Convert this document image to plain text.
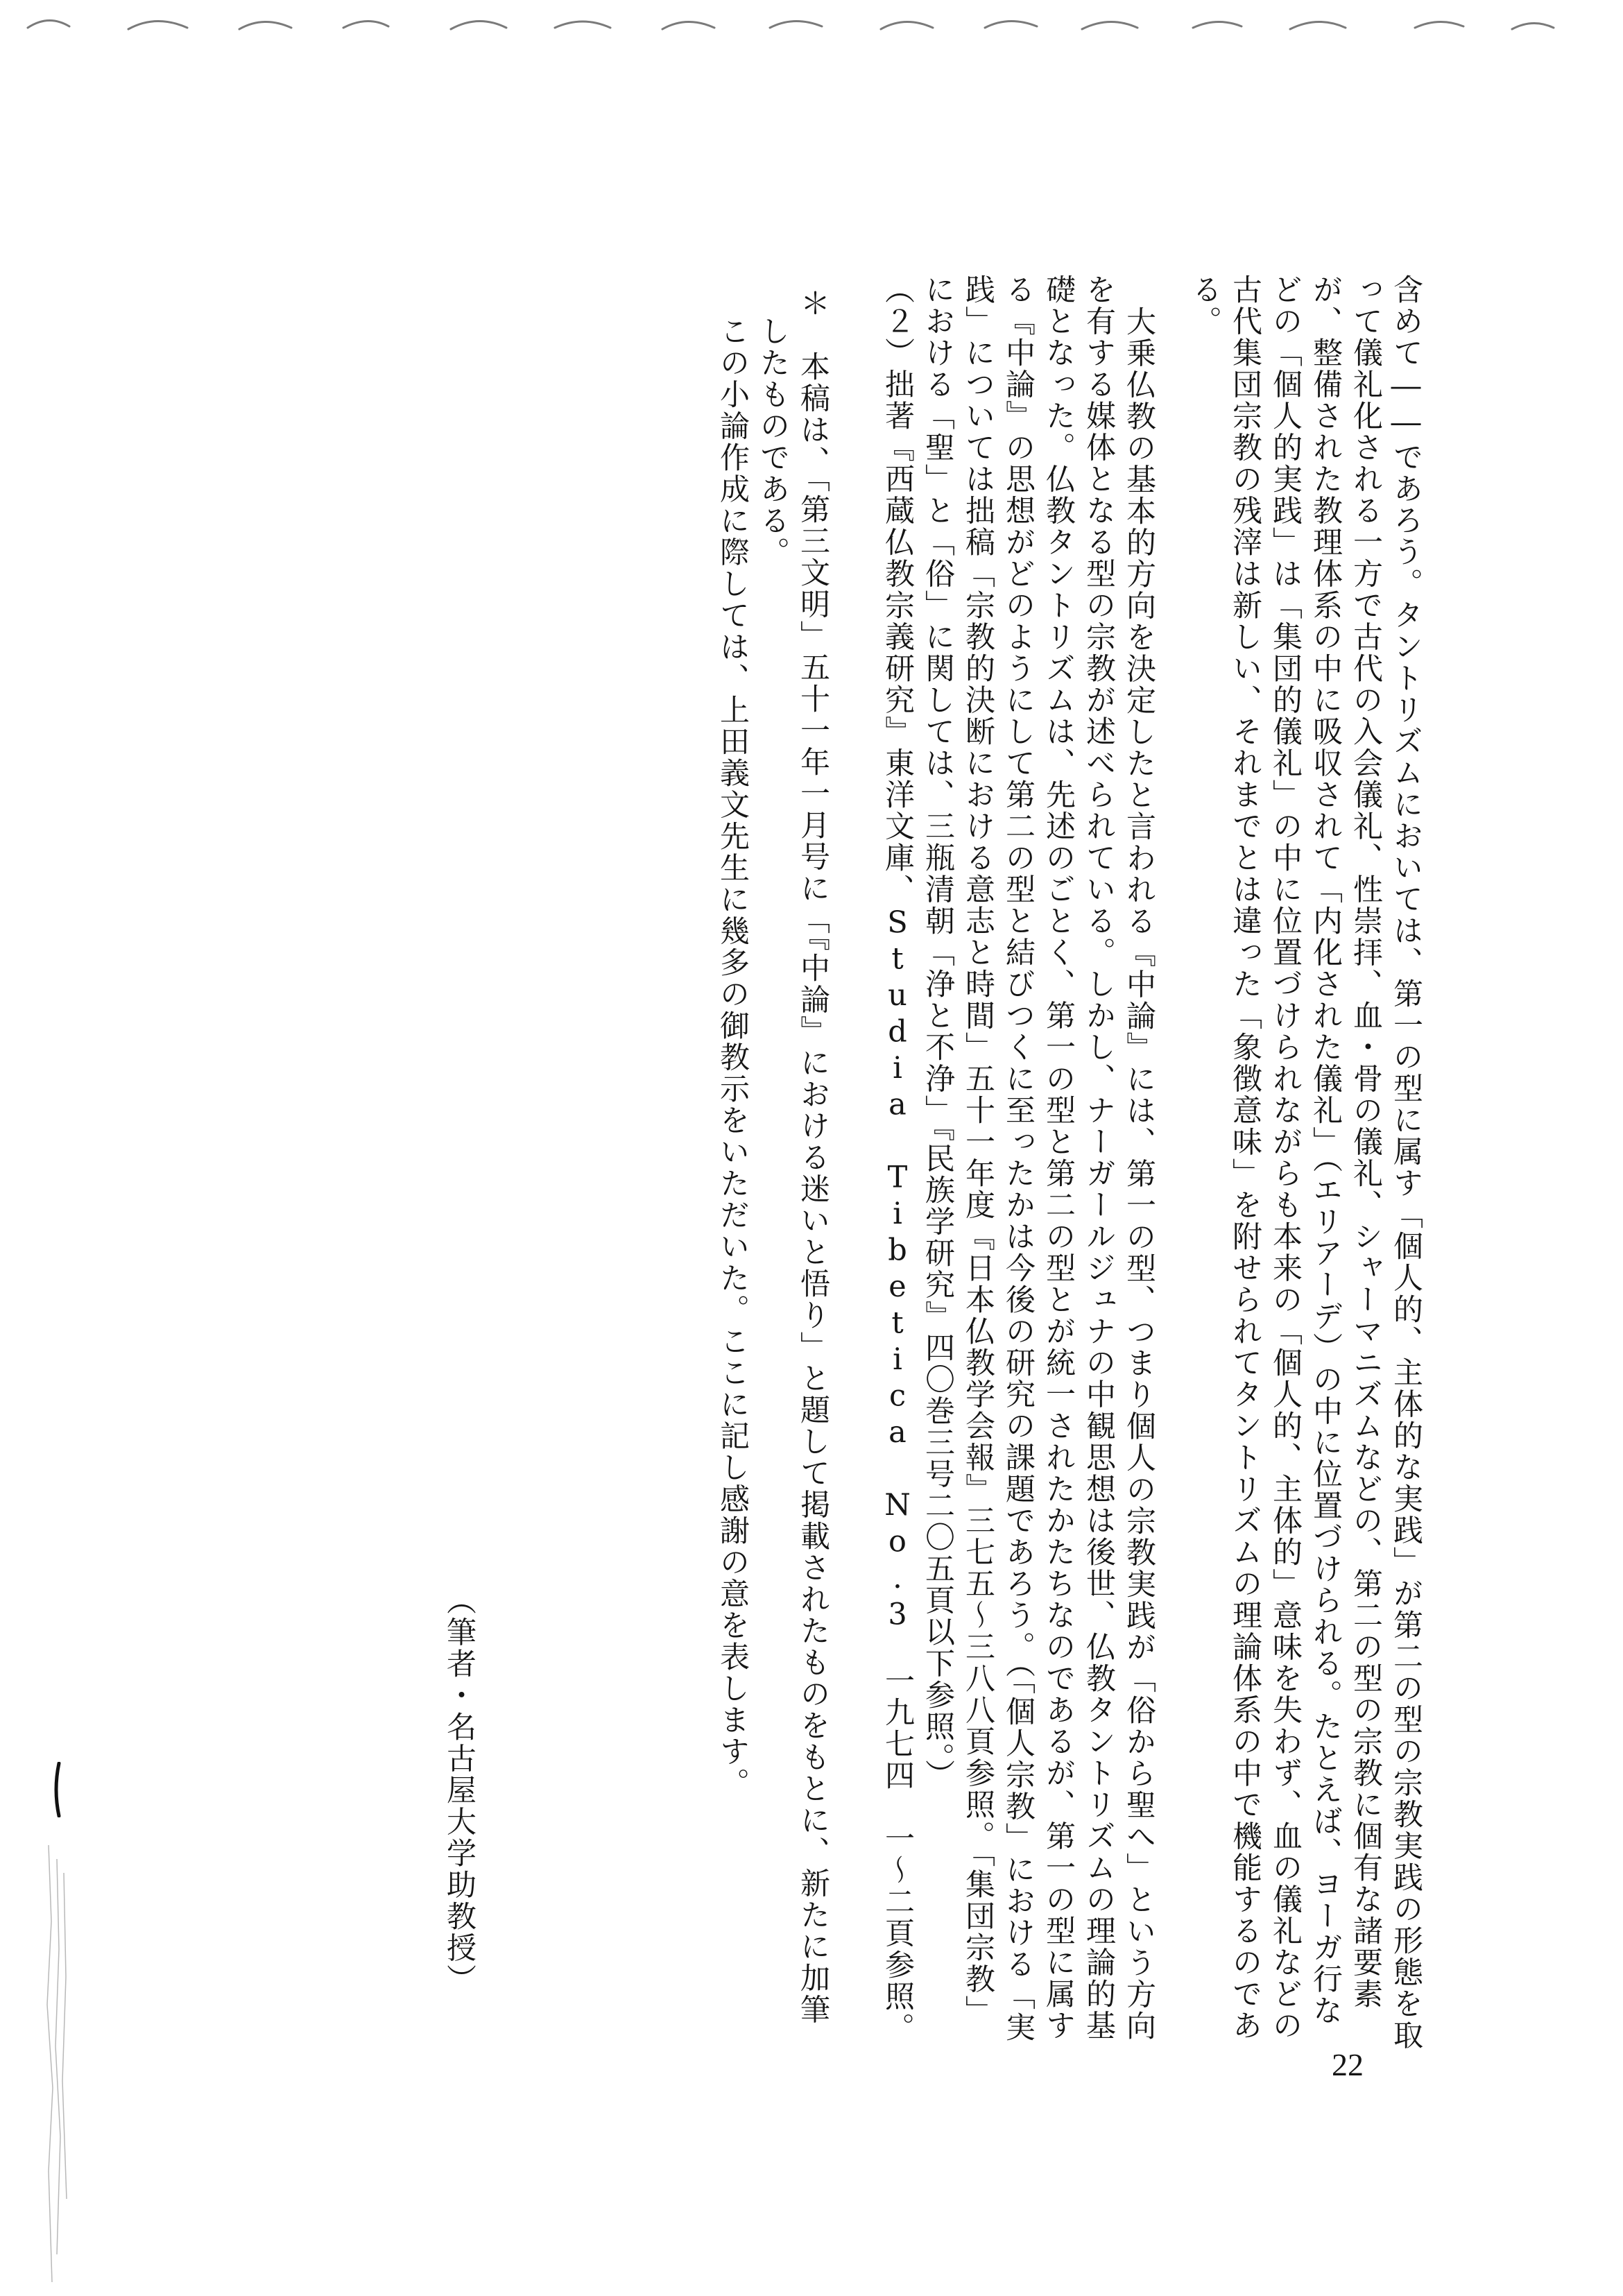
含めて――であろう。タントリズムにおいては、第一の型に属す「個人的、主体的な実践」が第二の型の宗教実践の形態を取
って儀礼化される一方で古代の入会儀礼、性崇拝、血・骨の儀礼、シャーマニズムなどの、第二の型の宗教に個有な諸要素
が、整備された教理体系の中に吸収されて「内化された儀礼」（エリアーデ）の中に位置づけられる。たとえば、ヨーガ行な
どの「個人的実践」は「集団的儀礼」の中に位置づけられながらも本来の「個人的、主体的」意味を失わず、血の儀礼などの
古代集団宗教の残滓は新しい、それまでとは違った「象徴意味」を附せられてタントリズムの理論体系の中で機能するのであ
る。
大乗仏教の基本的方向を決定したと言われる『中論』には、第一の型、つまり個人の宗教実践が「俗から聖へ」という方向
を有する媒体となる型の宗教が述べられている。しかし、ナーガールジュナの中観思想は後世、仏教タントリズムの理論的基
礎となった。仏教タントリズムは、先述のごとく、第一の型と第二の型とが統一されたかたちなのであるが、第一の型に属す
る『中論』の思想がどのようにして第二の型と結びつくに至ったかは今後の研究の課題であろう。（「個人宗教」における「実
践」については拙稿「宗教的決断における意志と時間」五十一年度『日本仏教学会報』三七五～三八八頁参照。「集団宗教」
における「聖」と「俗」に関しては、三瓶清朝「浄と不浄」『民族学研究』四〇巻三号二〇五頁以下参照。）
（２）拙著『西蔵仏教宗義研究』東洋文庫、Studia Tibetica No.3　一九七四　一～二頁参照。
＊　本稿は、「第三文明」五十一年一月号に「『中論』における迷いと悟り」と題して掲載されたものをもとに、新たに加筆
したものである。
この小論作成に際しては、上田義文先生に幾多の御教示をいただいた。ここに記し感謝の意を表します。
（筆者・名古屋大学助教授）
22
